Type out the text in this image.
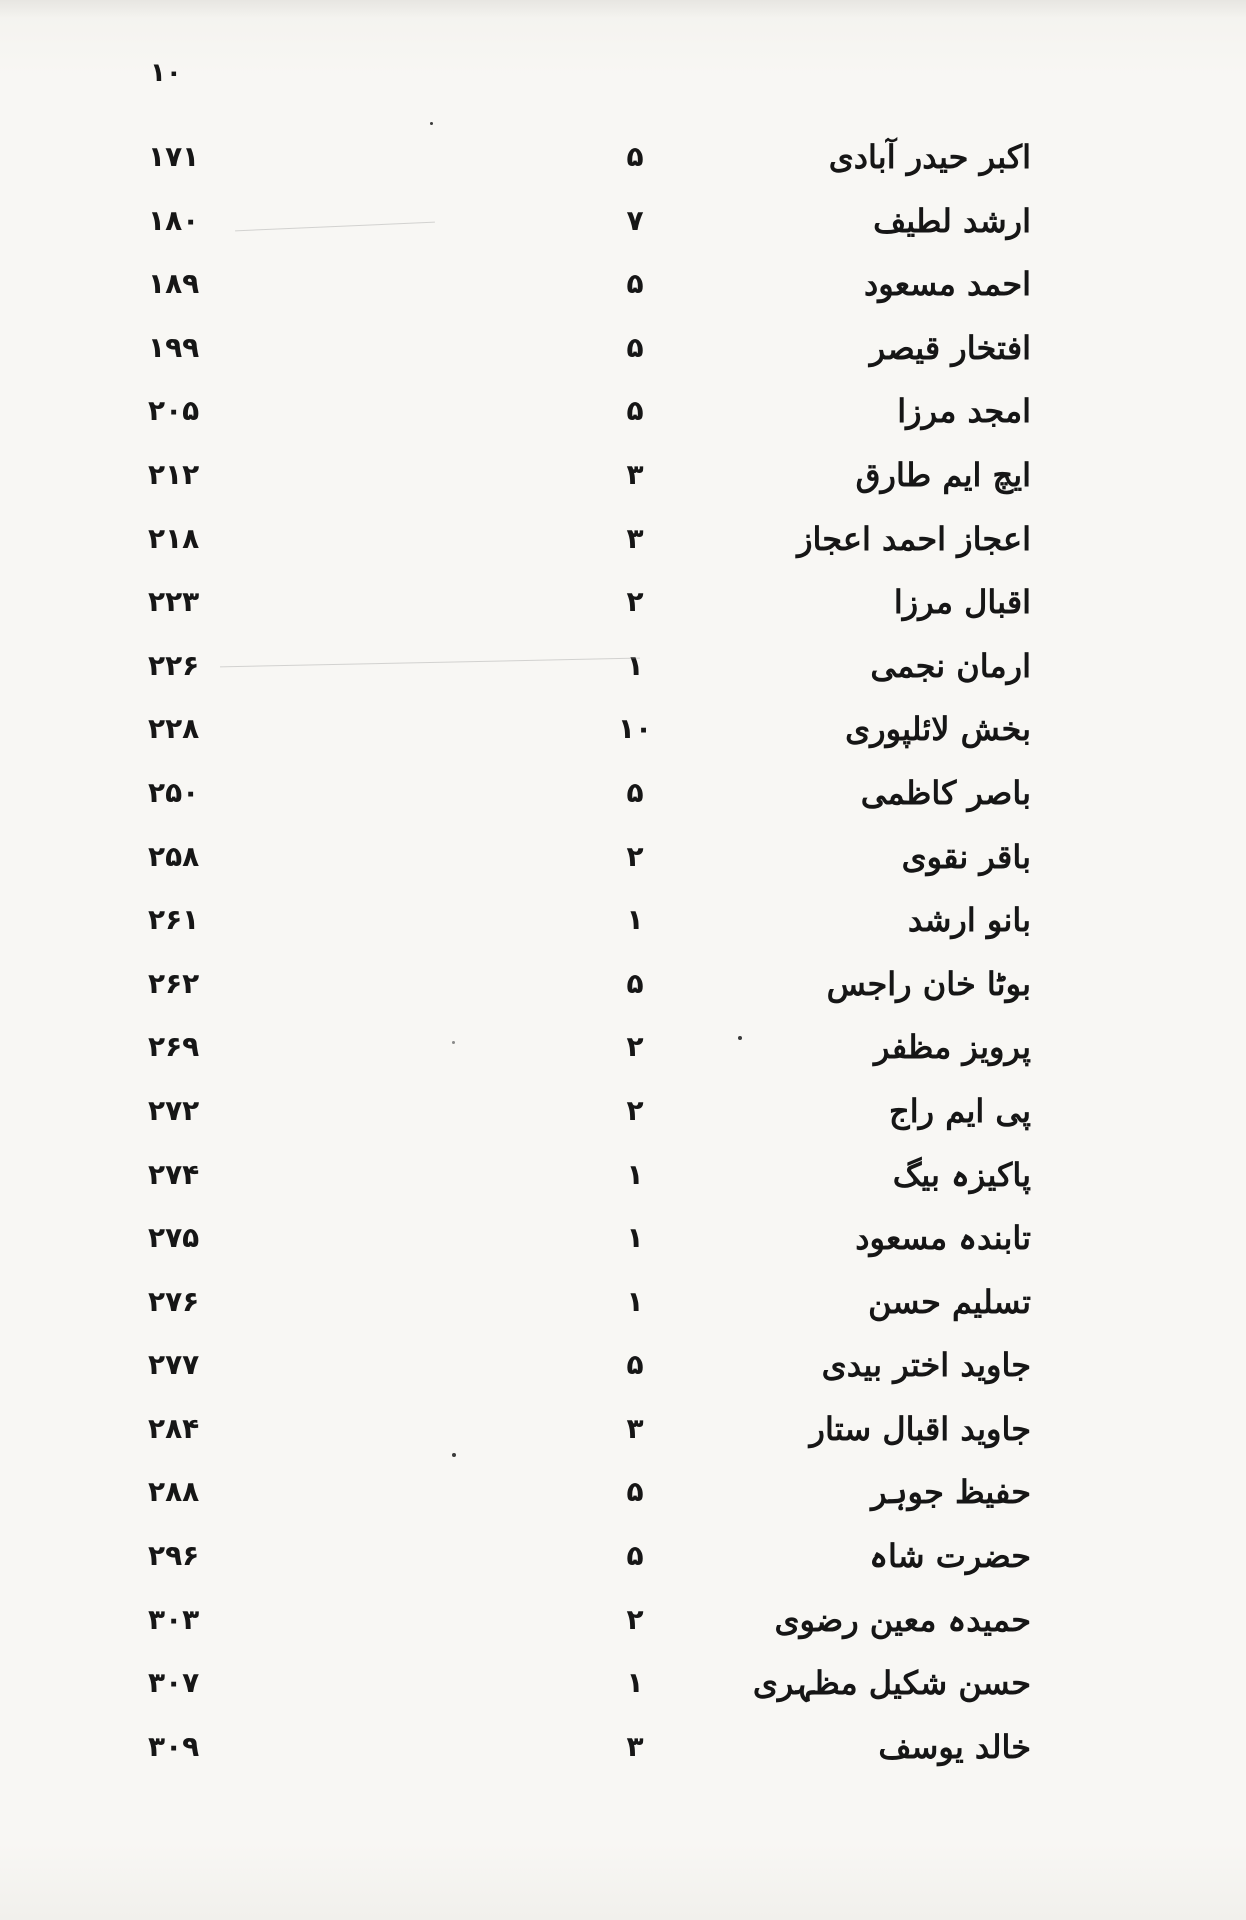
۱۰
اکبر حیدر آبادی
۵
۱۷۱
ارشد لطیف
۷
۱۸۰
احمد مسعود
۵
۱۸۹
افتخار قیصر
۵
۱۹۹
امجد مرزا
۵
۲۰۵
ایچ ایم طارق
۳
۲۱۲
اعجاز احمد اعجاز
۳
۲۱۸
اقبال مرزا
۲
۲۲۳
ارمان نجمی
۱
۲۲۶
بخش لائلپوری
۱۰
۲۲۸
باصر کاظمی
۵
۲۵۰
باقر نقوی
۲
۲۵۸
بانو ارشد
۱
۲۶۱
بوٹا خان راجس
۵
۲۶۲
پرویز مظفر
۲
۲۶۹
پی ایم راج
۲
۲۷۲
پاکیزہ بیگ
۱
۲۷۴
تابندہ مسعود
۱
۲۷۵
تسلیم حسن
۱
۲۷۶
جاوید اختر بیدی
۵
۲۷۷
جاوید اقبال ستار
۳
۲۸۴
حفیظ جوہر
۵
۲۸۸
حضرت شاہ
۵
۲۹۶
حمیدہ معین رضوی
۲
۳۰۳
حسن شکیل مظہری
۱
۳۰۷
خالد یوسف
۳
۳۰۹
